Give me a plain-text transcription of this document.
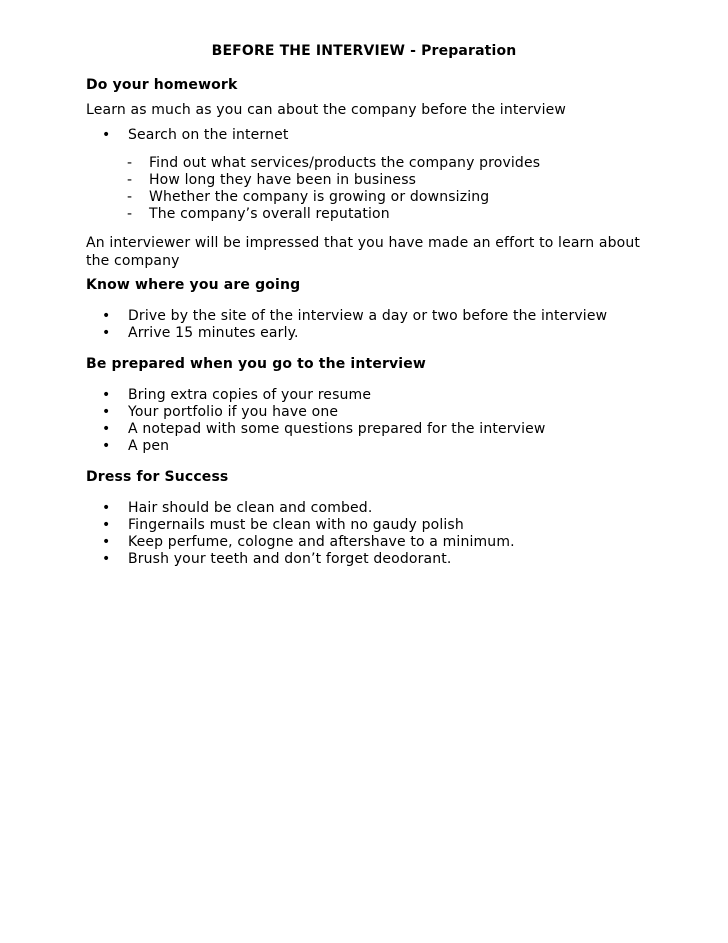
BEFORE THE INTERVIEW - Preparation

Do your homework

Learn as much as you can about the company before the interview

• Search on the internet
- Find out what services/products the company provides
- How long they have been in business
- Whether the company is growing or downsizing
- The company’s overall reputation

An interviewer will be impressed that you have made an effort to learn about the company

Know where you are going

• Drive by the site of the interview a day or two before the interview
• Arrive 15 minutes early.

Be prepared when you go to the interview

• Bring extra copies of your resume
• Your portfolio if you have one
• A notepad with some questions prepared for the interview
• A pen

Dress for Success

• Hair should be clean and combed.
• Fingernails must be clean with no gaudy polish
• Keep perfume, cologne and aftershave to a minimum.
• Brush your teeth and don’t forget deodorant.
